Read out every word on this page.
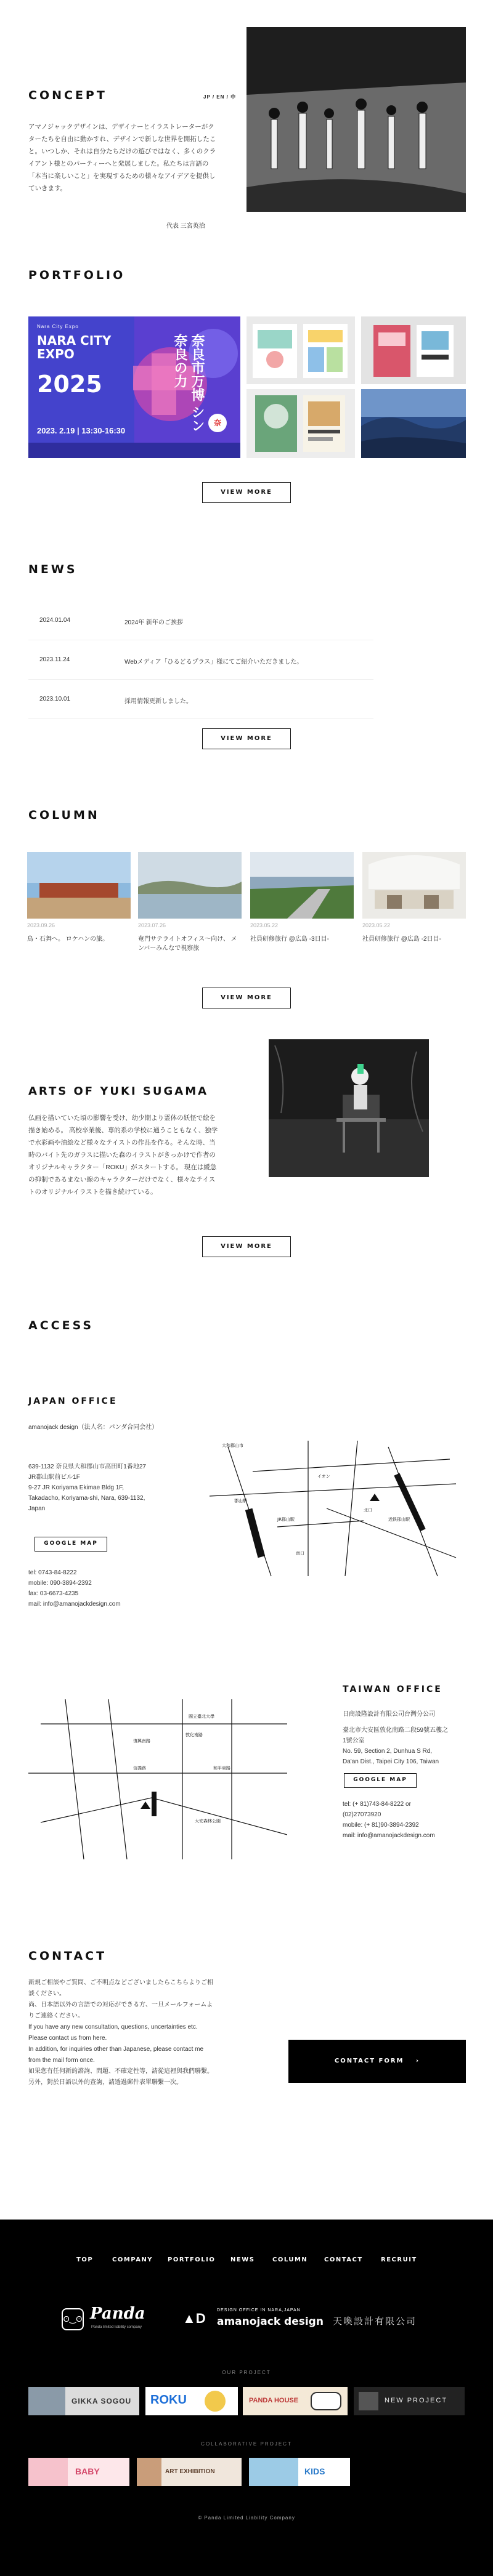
CONCEPT	JP / EN / 中
アマノジャックデザインは、デザイナーとイラストレーターがクターたちを自由に動かすれ、デザインで新しな世界を開拓したこと。いつしか、それは自分たちだけの遊びではなく、多くのクライアント様とのパーティーへと発展しました。私たちは言語の「本当に楽しいこと」を実現するための様々なアイデアを提供していきます。
代表 三宮英治
PORTFOLIO
Nara City Expo
NARA CITY EXPO
2025
2023. 2.19 | 13:30-16:30	奈良市万博 シン奈良の力
奈
VIEW MORE
NEWS
2024.01.04	2024年 新年のご挨拶
2023.11.24	Webメディア「ひるどるプラス」様にてご紹介いただきました。
2023.10.01	採用情報更新しました。
VIEW MORE
COLUMN
2023.09.26
鳥・石舞へ。 ロケハンの旅。
2023.07.26
奄門サテライトオフィス～向け、 メンバーみんなで視察旅
2023.05.22
社員研修旅行 @広島 -3日目-
2023.05.22
社員研修旅行 @広島 -2日目-
VIEW MORE
ARTS OF YUKI SUGAMA
仏画を描いていた頃の影響を受け、幼少期より霊体の妖怪で絵を描き始める。 高校卒業後、専的系の学校に通うこともなく、独学で水彩画や油絵など様々なテイストの作品を作る。そんな時、当時のバイト先のガラスに描いた森のイラストがきっかけで作者のオリジナルキャラクター「ROKU」がスタートする。 現在は緩急の抑制であるまない線のキャラクターだけでなく、様々なテイストのオリジナルイラストを描き続けている。
VIEW MORE
ACCESS
JAPAN OFFICE
amanojack design（法人名：パンダ合同会社）
639-1132 奈良県大和郡山市高田町1番地27
JR郡山駅前ビル1F
9-27 JR Koriyama Ekimae Bldg 1F,
Takadacho, Koriyama-shi, Nara, 639-1132,
Japan
GOOGLE MAP
tel: 0743-84-8222
mobile: 090-3894-2392
fax: 03-6673-4235
mail: info@amanojackdesign.com
大和郡山市
郡山駅
イオン
JR郡山駅	近鉄郡山駅
北口
南口
TAIWAN OFFICE
日商設隆設計有限公司台灣分公司
臺北市大安區敦化南路二段59號五樓之
1號公室
No. 59, Section 2, Dunhua S Rd,
Da'an Dist., Taipei City 106, Taiwan
GOOGLE MAP
tel: (+ 81)743-84-8222 or
(02)27073920
mobile: (+ 81)90-3894-2392
mail: info@amanojackdesign.com
國立臺北大學
敦化南路
復興南路
信義路	和平東路
大安森林公園
CONTACT
新規ご相談やご質問、ご不明点などございましたらこちらよりご相談ください。
尚、日本語以外の言語での対応ができる方、一旦メールフォームよりご連絡ください。
If you have any new consultation, questions, uncertainties etc.
Please contact us from here.
In addition, for inquiries other than Japanese, please contact me
from the mail form once.
如果您有任何新的諮詢、問題、不確定性等，請從這裡與我們聯繫。
另外，對於日語以外的查詢，請透過郵件表單聯繫一次。
CONTACT FORM ›
TOP	COMPANY PORTFOLIO NEWS	COLUMN	CONTACT	RECRUIT
ʘ‿ʘ Panda
Panda limited liability company
▲D
DESIGN OFFICE IN NARA,JAPAN
amanojack design 天喚設計有限公司
OUR PROJECT
GIKKA SOGOU ROKU	PANDA HOUSE	NEW PROJECT
COLLABORATIVE PROJECT
BABY	ART EXHIBITION	KIDS
© Panda Limited Liability Company
